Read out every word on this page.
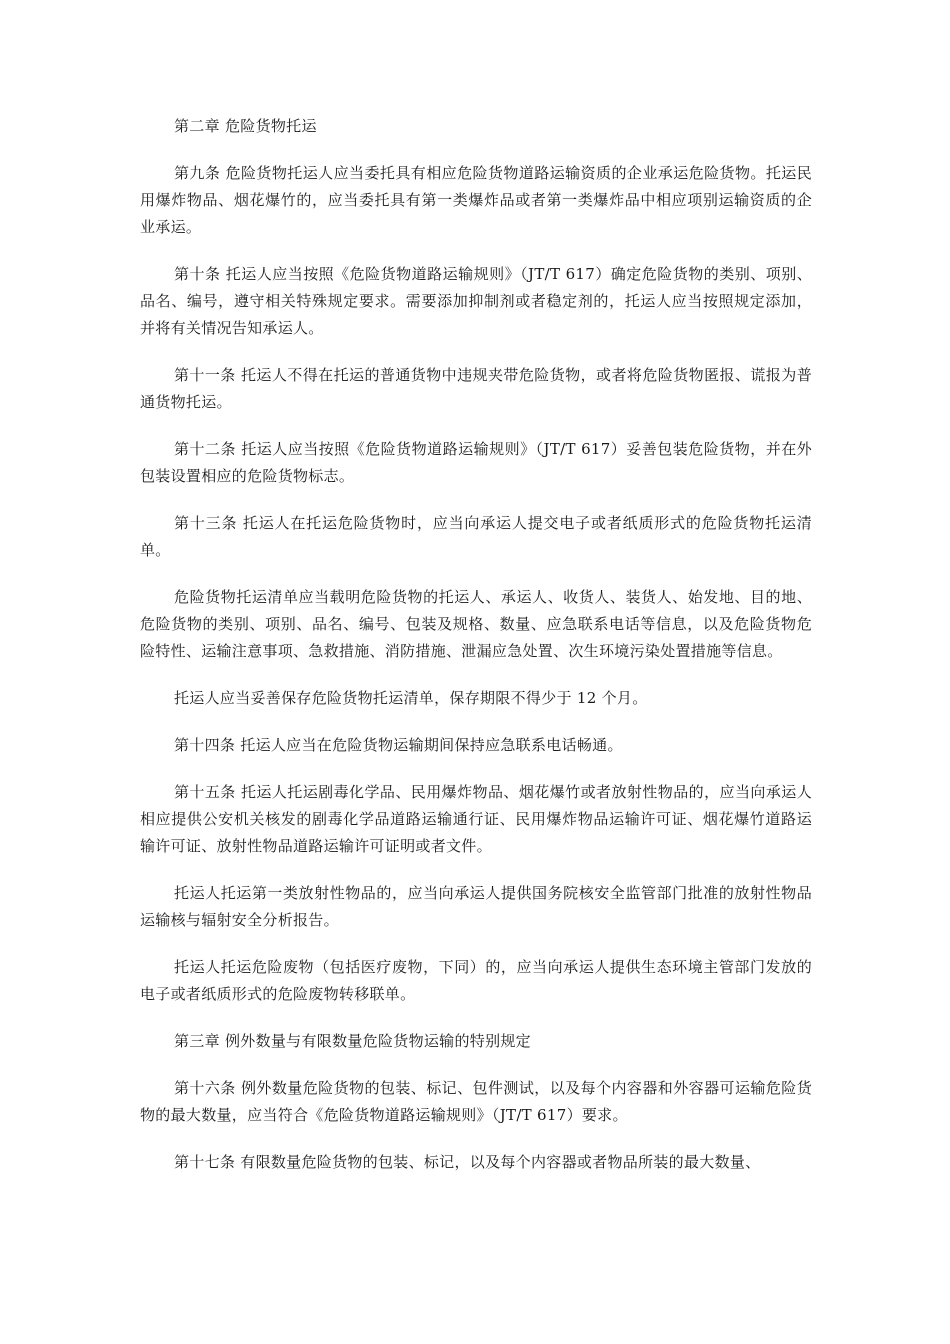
第二章 危险货物托运

第九条 危险货物托运人应当委托具有相应危险货物道路运输资质的企业承运危险货物。托运民用爆炸物品、烟花爆竹的，应当委托具有第一类爆炸品或者第一类爆炸品中相应项别运输资质的企业承运。

第十条 托运人应当按照《危险货物道路运输规则》（JT/T 617）确定危险货物的类别、项别、品名、编号，遵守相关特殊规定要求。需要添加抑制剂或者稳定剂的，托运人应当按照规定添加，并将有关情况告知承运人。

第十一条 托运人不得在托运的普通货物中违规夹带危险货物，或者将危险货物匿报、谎报为普通货物托运。

第十二条 托运人应当按照《危险货物道路运输规则》（JT/T 617）妥善包装危险货物，并在外包装设置相应的危险货物标志。

第十三条 托运人在托运危险货物时，应当向承运人提交电子或者纸质形式的危险货物托运清单。

危险货物托运清单应当载明危险货物的托运人、承运人、收货人、装货人、始发地、目的地、危险货物的类别、项别、品名、编号、包装及规格、数量、应急联系电话等信息，以及危险货物危险特性、运输注意事项、急救措施、消防措施、泄漏应急处置、次生环境污染处置措施等信息。

托运人应当妥善保存危险货物托运清单，保存期限不得少于 12 个月。

第十四条 托运人应当在危险货物运输期间保持应急联系电话畅通。

第十五条 托运人托运剧毒化学品、民用爆炸物品、烟花爆竹或者放射性物品的，应当向承运人相应提供公安机关核发的剧毒化学品道路运输通行证、民用爆炸物品运输许可证、烟花爆竹道路运输许可证、放射性物品道路运输许可证明或者文件。

托运人托运第一类放射性物品的，应当向承运人提供国务院核安全监管部门批准的放射性物品运输核与辐射安全分析报告。

托运人托运危险废物（包括医疗废物，下同）的，应当向承运人提供生态环境主管部门发放的电子或者纸质形式的危险废物转移联单。

第三章 例外数量与有限数量危险货物运输的特别规定

第十六条 例外数量危险货物的包装、标记、包件测试，以及每个内容器和外容器可运输危险货物的最大数量，应当符合《危险货物道路运输规则》（JT/T 617）要求。

第十七条 有限数量危险货物的包装、标记，以及每个内容器或者物品所装的最大数量、
